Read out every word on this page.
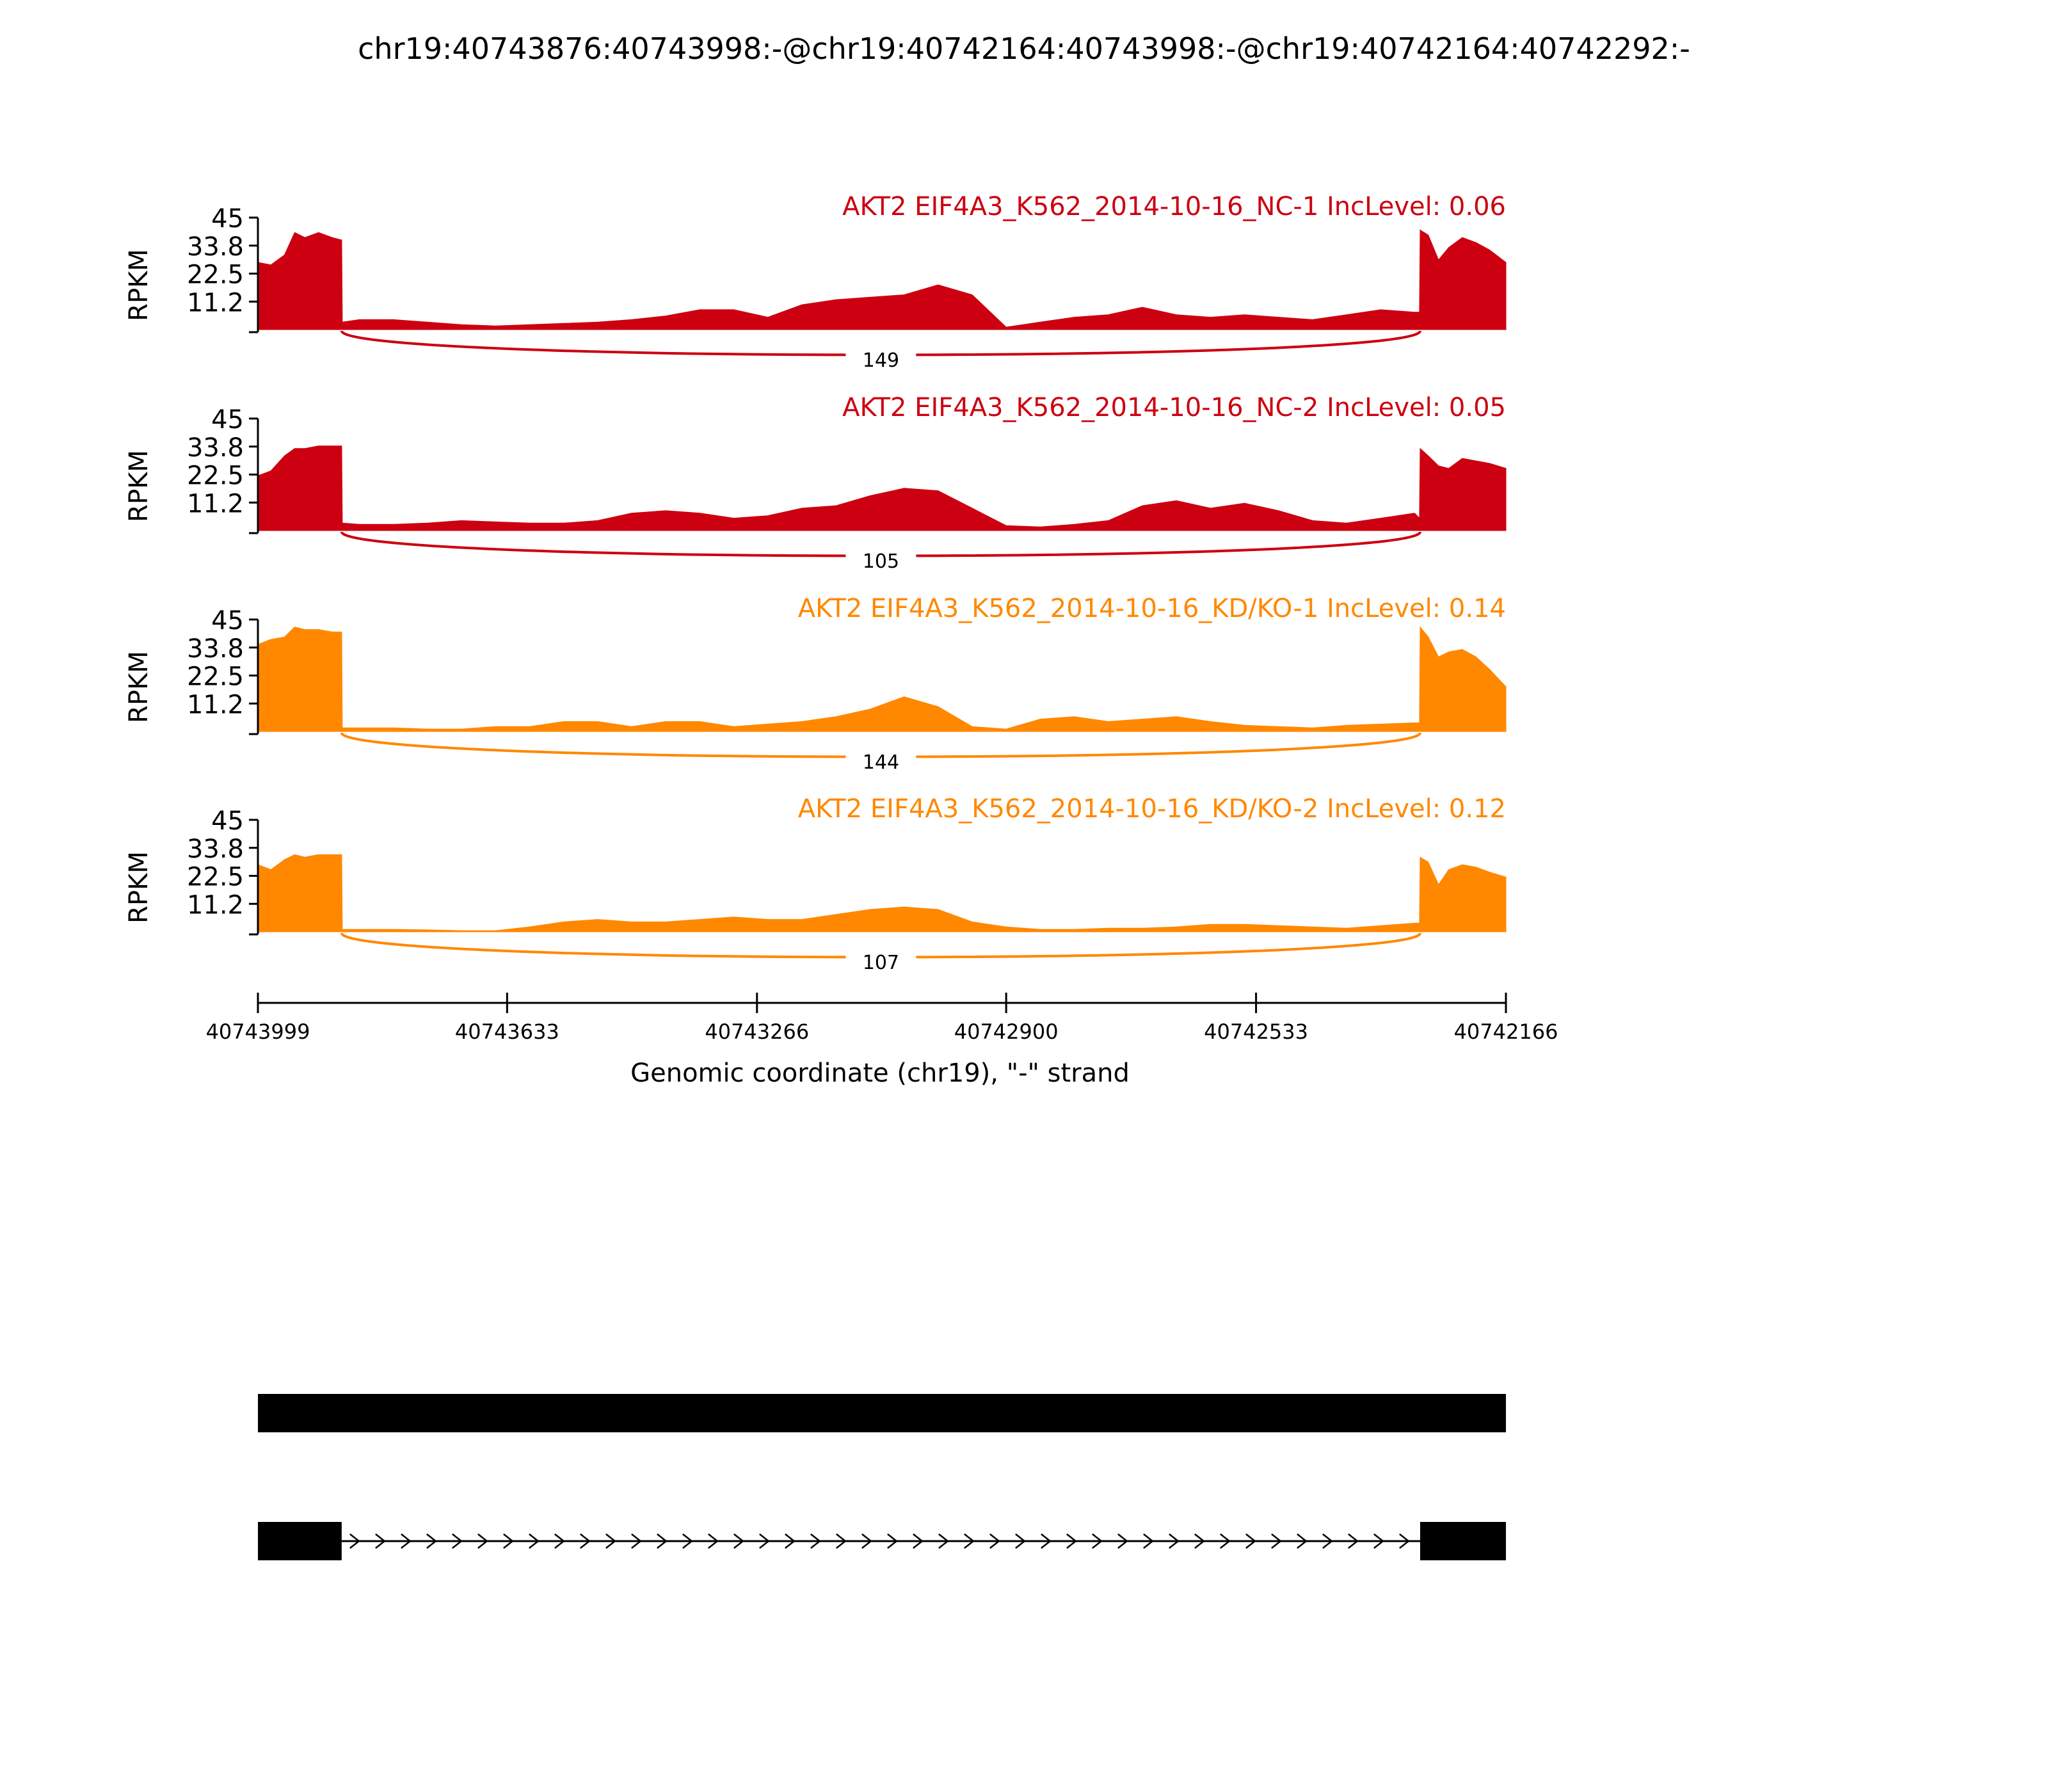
chr19:40743876:40743998:-@chr19:40742164:40743998:-@chr19:40742164:40742292:-
45
33.8
22.5
11.2
RPKM
AKT2 EIF4A3_K562_2014-10-16_NC-1 IncLevel: 0.06
149
45
33.8
22.5
11.2
RPKM
AKT2 EIF4A3_K562_2014-10-16_NC-2 IncLevel: 0.05
105
45
33.8
22.5
11.2
RPKM
AKT2 EIF4A3_K562_2014-10-16_KD/KO-1 IncLevel: 0.14
144
45
33.8
22.5
11.2
RPKM
AKT2 EIF4A3_K562_2014-10-16_KD/KO-2 IncLevel: 0.12
107
40743999	40743633	40743266	40742900	40742533	40742166
Genomic coordinate (chr19), "-" strand
